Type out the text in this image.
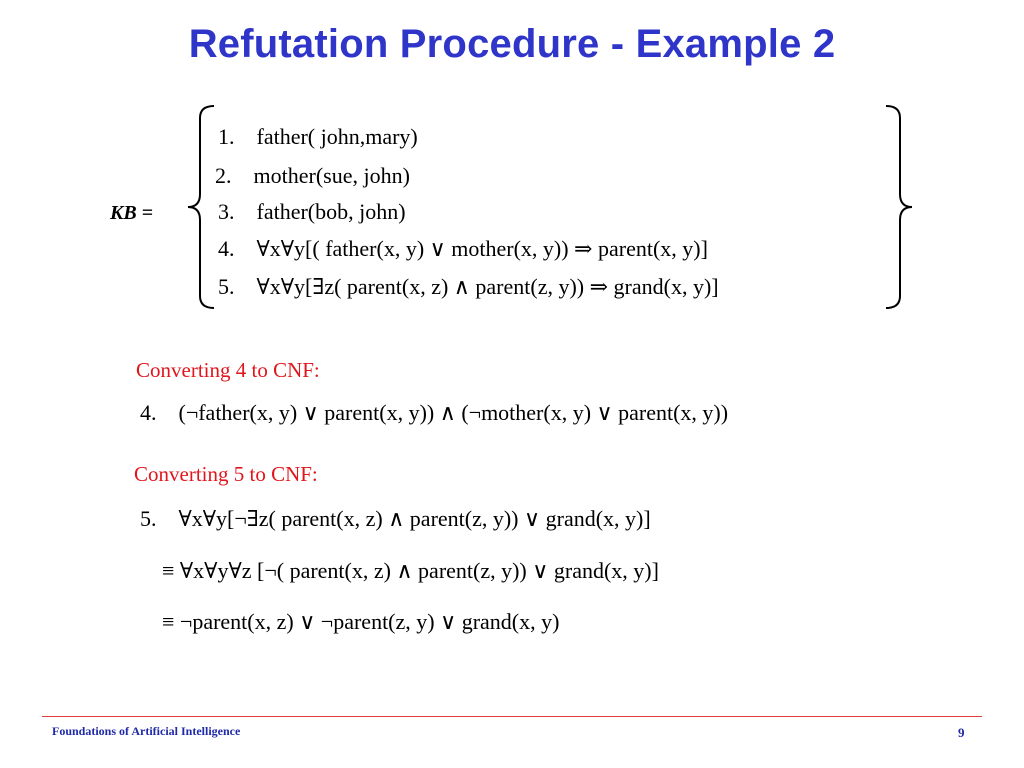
Refutation Procedure - Example 2
KB =
1.    father( john,mary)
2.    mother(sue, john)
3.    father(bob, john)
4.    ∀x∀y[( father(x, y) ∨ mother(x, y)) ⇒ parent(x, y)]
5.    ∀x∀y[∃z( parent(x, z) ∧ parent(z, y)) ⇒ grand(x, y)]
Converting 4 to CNF:
4.    (¬father(x, y) ∨ parent(x, y)) ∧ (¬mother(x, y) ∨ parent(x, y))
Converting 5 to CNF:
5.    ∀x∀y[¬∃z( parent(x, z) ∧ parent(z, y)) ∨ grand(x, y)]
≡ ∀x∀y∀z [¬( parent(x, z) ∧ parent(z, y)) ∨ grand(x, y)]
≡ ¬parent(x, z) ∨ ¬parent(z, y) ∨ grand(x, y)
Foundations of Artificial Intelligence	9
